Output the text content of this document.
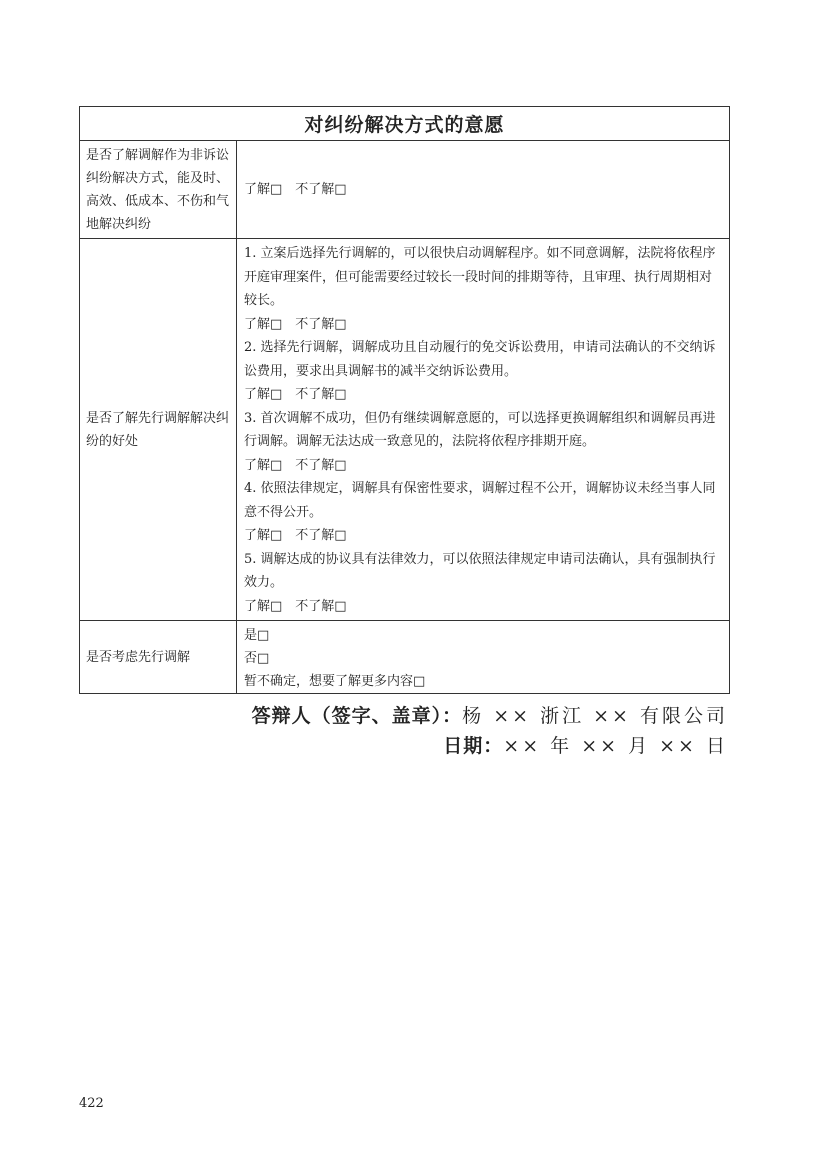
对纠纷解决方式的意愿
是否了解调解作为非诉讼纠纷解决方式，能及时、高效、低成本、不伤和气地解决纠纷
了解□　不了解□
是否了解先行调解解决纠纷的好处
1. 立案后选择先行调解的，可以很快启动调解程序。如不同意调解，法院将依程序开庭审理案件，但可能需要经过较长一段时间的排期等待，且审理、执行周期相对较长。
了解□　不了解□
2. 选择先行调解，调解成功且自动履行的免交诉讼费用，申请司法确认的不交纳诉讼费用，要求出具调解书的减半交纳诉讼费用。
了解□　不了解□
3. 首次调解不成功，但仍有继续调解意愿的，可以选择更换调解组织和调解员再进行调解。调解无法达成一致意见的，法院将依程序排期开庭。
了解□　不了解□
4. 依照法律规定，调解具有保密性要求，调解过程不公开，调解协议未经当事人同意不得公开。
了解□　不了解□
5. 调解达成的协议具有法律效力，可以依照法律规定申请司法确认，具有强制执行效力。
了解□　不了解□
是否考虑先行调解
是□
否□
暂不确定，想要了解更多内容□
答辩人（签字、盖章）：杨 ×× 浙江 ×× 有限公司
日期：×× 年 ×× 月 ×× 日
422
